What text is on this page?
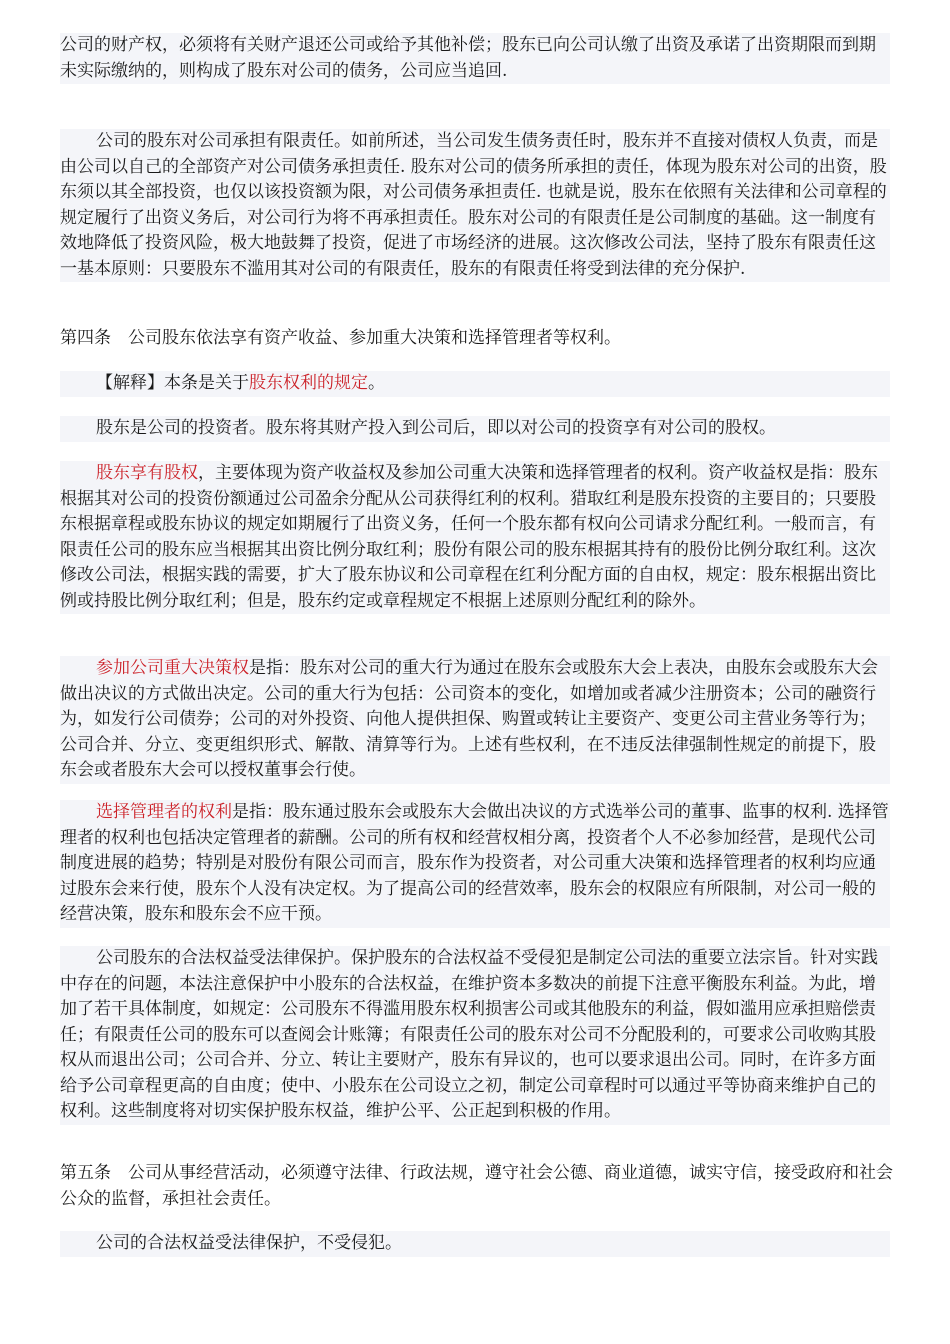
公司的财产权，必须将有关财产退还公司或给予其他补偿；股东已向公司认缴了出资及承诺了出资期限而到期未实际缴纳的，则构成了股东对公司的债务，公司应当追回.
公司的股东对公司承担有限责任。如前所述，当公司发生债务责任时，股东并不直接对债权人负责，而是由公司以自己的全部资产对公司债务承担责任. 股东对公司的债务所承担的责任，体现为股东对公司的出资，股东须以其全部投资，也仅以该投资额为限，对公司债务承担责任. 也就是说，股东在依照有关法律和公司章程的规定履行了出资义务后，对公司行为将不再承担责任。股东对公司的有限责任是公司制度的基础。这一制度有效地降低了投资风险，极大地鼓舞了投资，促进了市场经济的进展。这次修改公司法，坚持了股东有限责任这一基本原则：只要股东不滥用其对公司的有限责任，股东的有限责任将受到法律的充分保护.
第四条　公司股东依法享有资产收益、参加重大决策和选择管理者等权利。
【解释】本条是关于股东权利的规定。
股东是公司的投资者。股东将其财产投入到公司后，即以对公司的投资享有对公司的股权。
股东享有股权，主要体现为资产收益权及参加公司重大决策和选择管理者的权利。资产收益权是指：股东根据其对公司的投资份额通过公司盈余分配从公司获得红利的权利。猎取红利是股东投资的主要目的；只要股东根据章程或股东协议的规定如期履行了出资义务，任何一个股东都有权向公司请求分配红利。一般而言，有限责任公司的股东应当根据其出资比例分取红利；股份有限公司的股东根据其持有的股份比例分取红利。这次修改公司法，根据实践的需要，扩大了股东协议和公司章程在红利分配方面的自由权，规定：股东根据出资比例或持股比例分取红利；但是，股东约定或章程规定不根据上述原则分配红利的除外。
参加公司重大决策权是指：股东对公司的重大行为通过在股东会或股东大会上表决，由股东会或股东大会做出决议的方式做出决定。公司的重大行为包括：公司资本的变化，如增加或者减少注册资本；公司的融资行为，如发行公司债券；公司的对外投资、向他人提供担保、购置或转让主要资产、变更公司主营业务等行为；公司合并、分立、变更组织形式、解散、清算等行为。上述有些权利，在不违反法律强制性规定的前提下，股东会或者股东大会可以授权董事会行使。
选择管理者的权利是指：股东通过股东会或股东大会做出决议的方式选举公司的董事、监事的权利. 选择管理者的权利也包括决定管理者的薪酬。公司的所有权和经营权相分离，投资者个人不必参加经营，是现代公司制度进展的趋势；特别是对股份有限公司而言，股东作为投资者，对公司重大决策和选择管理者的权利均应通过股东会来行使，股东个人没有决定权。为了提高公司的经营效率，股东会的权限应有所限制，对公司一般的经营决策，股东和股东会不应干预。
公司股东的合法权益受法律保护。保护股东的合法权益不受侵犯是制定公司法的重要立法宗旨。针对实践中存在的问题，本法注意保护中小股东的合法权益，在维护资本多数决的前提下注意平衡股东利益。为此，增加了若干具体制度，如规定：公司股东不得滥用股东权利损害公司或其他股东的利益，假如滥用应承担赔偿责任；有限责任公司的股东可以查阅会计账簿；有限责任公司的股东对公司不分配股利的，可要求公司收购其股权从而退出公司；公司合并、分立、转让主要财产，股东有异议的，也可以要求退出公司。同时，在许多方面给予公司章程更高的自由度；使中、小股东在公司设立之初，制定公司章程时可以通过平等协商来维护自己的权利。这些制度将对切实保护股东权益，维护公平、公正起到积极的作用。
第五条　公司从事经营活动，必须遵守法律、行政法规，遵守社会公德、商业道德，诚实守信，接受政府和社会公众的监督，承担社会责任。
公司的合法权益受法律保护，不受侵犯。
